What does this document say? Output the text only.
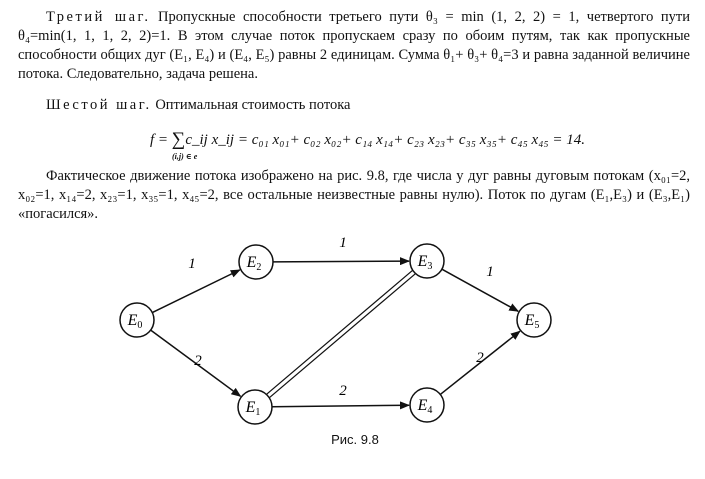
Третий шаг. Пропускные способности третьего пути θ₃ = min (1, 2, 2) = 1, четвертого пути θ₄=min(1, 1, 1, 2, 2)=1. В этом случае поток пропускаем сразу по обоим путям, так как пропускные способности общих дуг (E₁, E₄) и (E₄, E₅) равны 2 единицам. Сумма θ₁+ θ₃+ θ₄=3 и равна заданной величине потока. Следовательно, задача решена.
Шестой шаг. Оптимальная стоимость потока
f = ∑c_ij x_ij = c₀₁ x₀₁+ c₀₂ x₀₂+ c₁₄ x₁₄+ c₂₃ x₂₃+ c₃₅ x₃₅+ c₄₅ x₄₅ = 14.
(i,j) ∈ e
Фактическое движение потока изображено на рис. 9.8, где числа у дуг равны дуговым потокам (x₀₁=2, x₀₂=1, x₁₄=2, x₂₃=1, x₃₅=1, x₄₅=2, все остальные неизвестные равны нулю). Поток по дугам (E₁,E₃) и (E₃,E₁) «погасился».
1
2
1
2
1
2
E0
E1
E2	E3
E4
E5
Рис. 9.8
